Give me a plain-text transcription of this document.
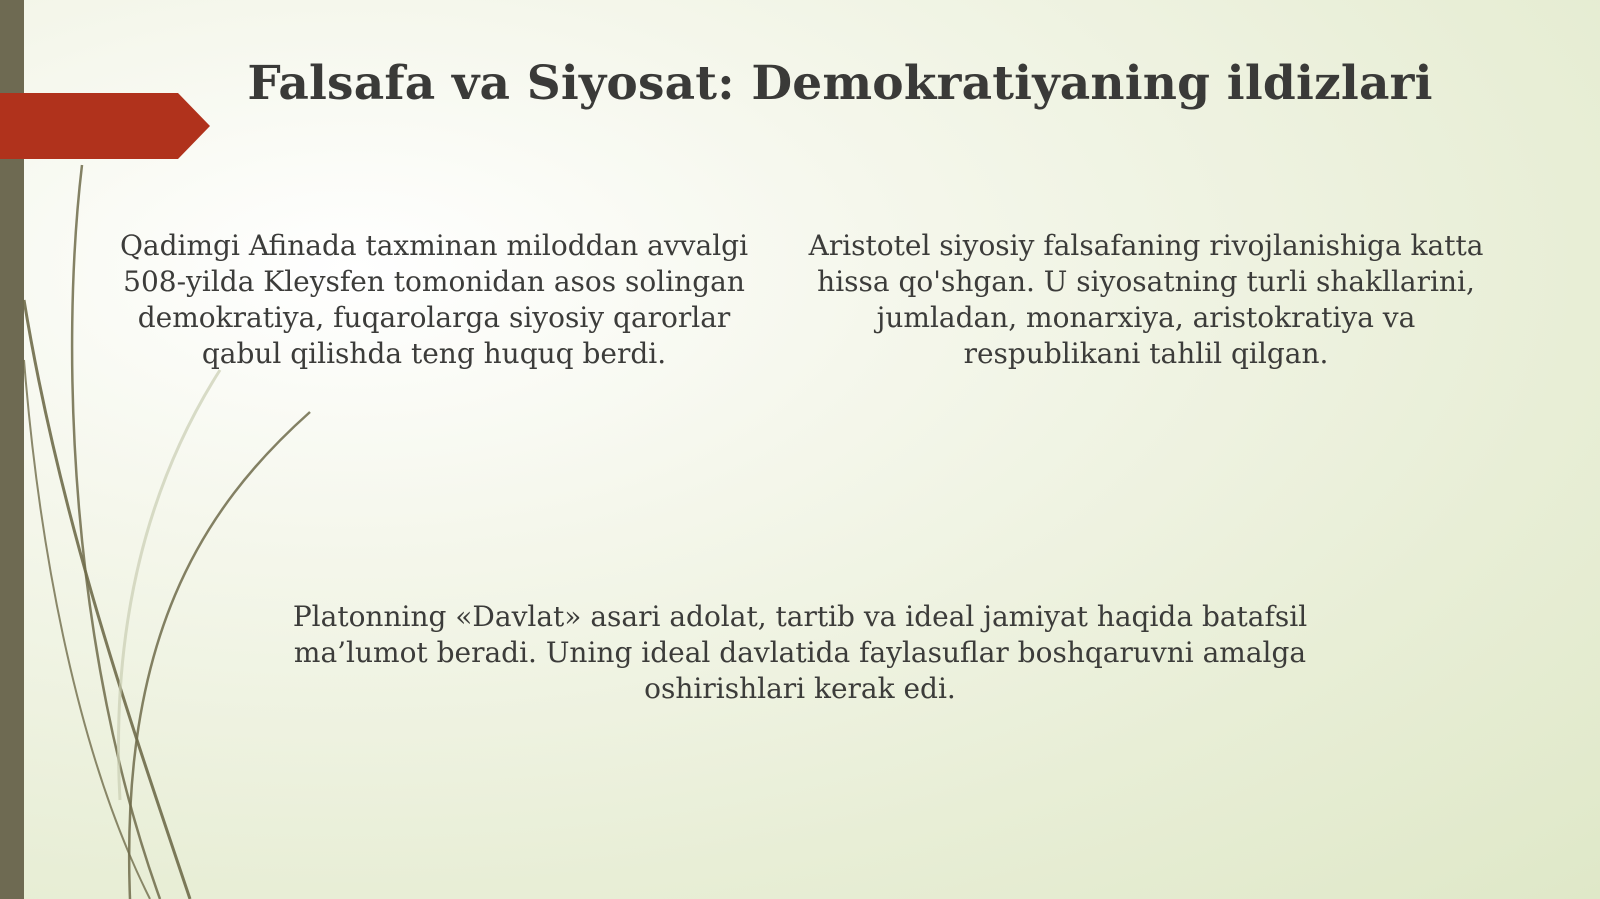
Falsafa va Siyosat: Demokratiyaning ildizlari
Qadimgi Afinada taxminan miloddan avvalgi 508-yilda Kleysfen tomonidan asos solingan demokratiya, fuqarolarga siyosiy qarorlar qabul qilishda teng huquq berdi.
Aristotel siyosiy falsafaning rivojlanishiga katta hissa qo'shgan. U siyosatning turli shakllarini, jumladan, monarxiya, aristokratiya va respublikani tahlil qilgan.
Platonning «Davlat» asari adolat, tartib va ideal jamiyat haqida batafsil ma’lumot beradi. Uning ideal davlatida faylasuflar boshqaruvni amalga oshirishlari kerak edi.
